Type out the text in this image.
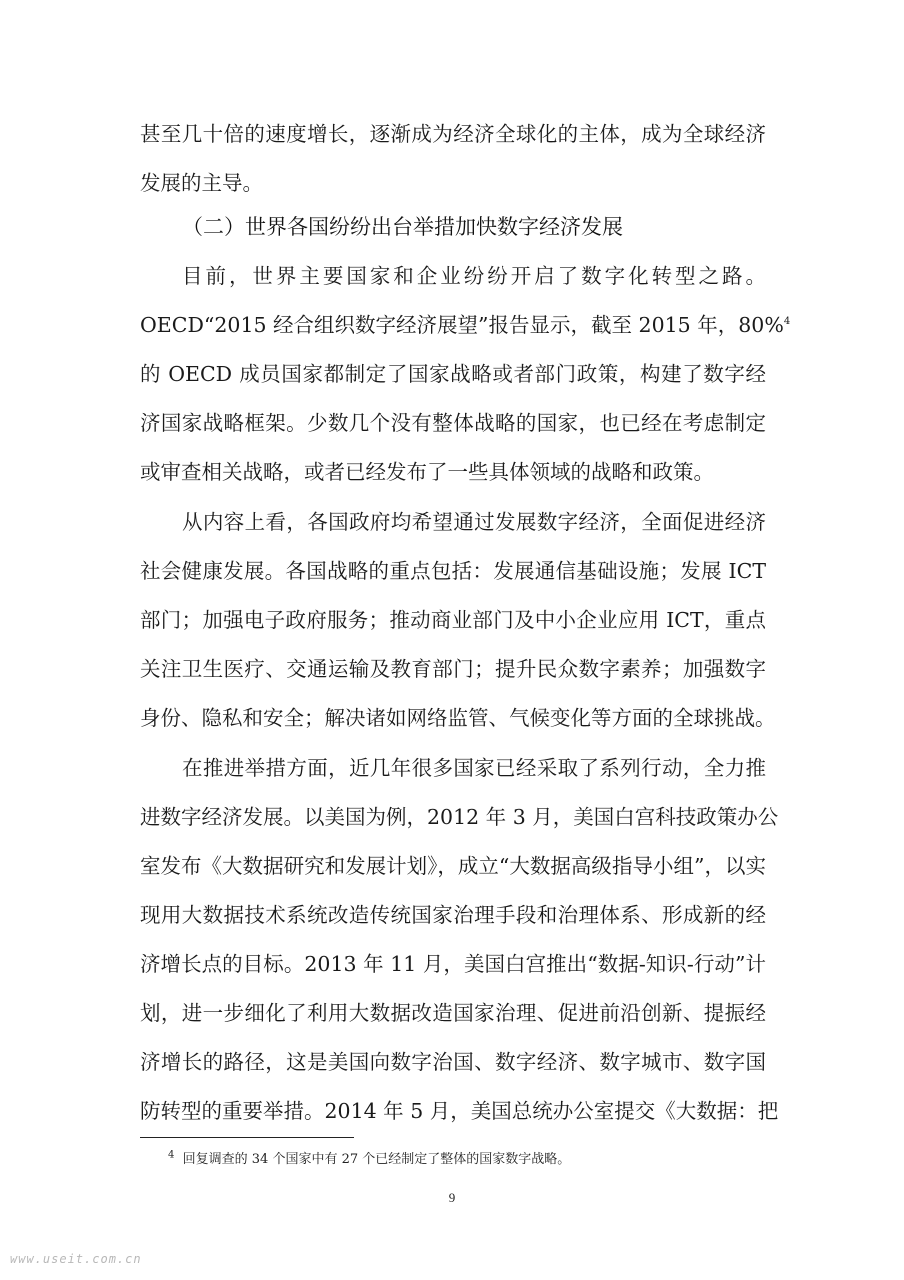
甚至几十倍的速度增长，逐渐成为经济全球化的主体，成为全球经济
发展的主导。
（二）世界各国纷纷出台举措加快数字经济发展
目前，世界主要国家和企业纷纷开启了数字化转型之路。
OECD“2015 经合组织数字经济展望”报告显示，截至 2015 年，80%$^4$
的 OECD 成员国家都制定了国家战略或者部门政策，构建了数字经
济国家战略框架。少数几个没有整体战略的国家，也已经在考虑制定
或审查相关战略，或者已经发布了一些具体领域的战略和政策。
从内容上看，各国政府均希望通过发展数字经济，全面促进经济
社会健康发展。各国战略的重点包括：发展通信基础设施；发展 ICT
部门；加强电子政府服务；推动商业部门及中小企业应用 ICT，重点
关注卫生医疗、交通运输及教育部门；提升民众数字素养；加强数字
身份、隐私和安全；解决诸如网络监管、气候变化等方面的全球挑战。
在推进举措方面，近几年很多国家已经采取了系列行动，全力推
进数字经济发展。以美国为例，2012 年 3 月，美国白宫科技政策办公
室发布《大数据研究和发展计划》，成立“大数据高级指导小组”，以实
现用大数据技术系统改造传统国家治理手段和治理体系、形成新的经
济增长点的目标。2013 年 11 月，美国白宫推出“数据-知识-行动”计
划，进一步细化了利用大数据改造国家治理、促进前沿创新、提振经
济增长的路径，这是美国向数字治国、数字经济、数字城市、数字国
防转型的重要举措。2014 年 5 月，美国总统办公室提交《大数据：把
$^4$ 回复调查的 34 个国家中有 27 个已经制定了整体的国家数字战略。
9
www.useit.com.cn
